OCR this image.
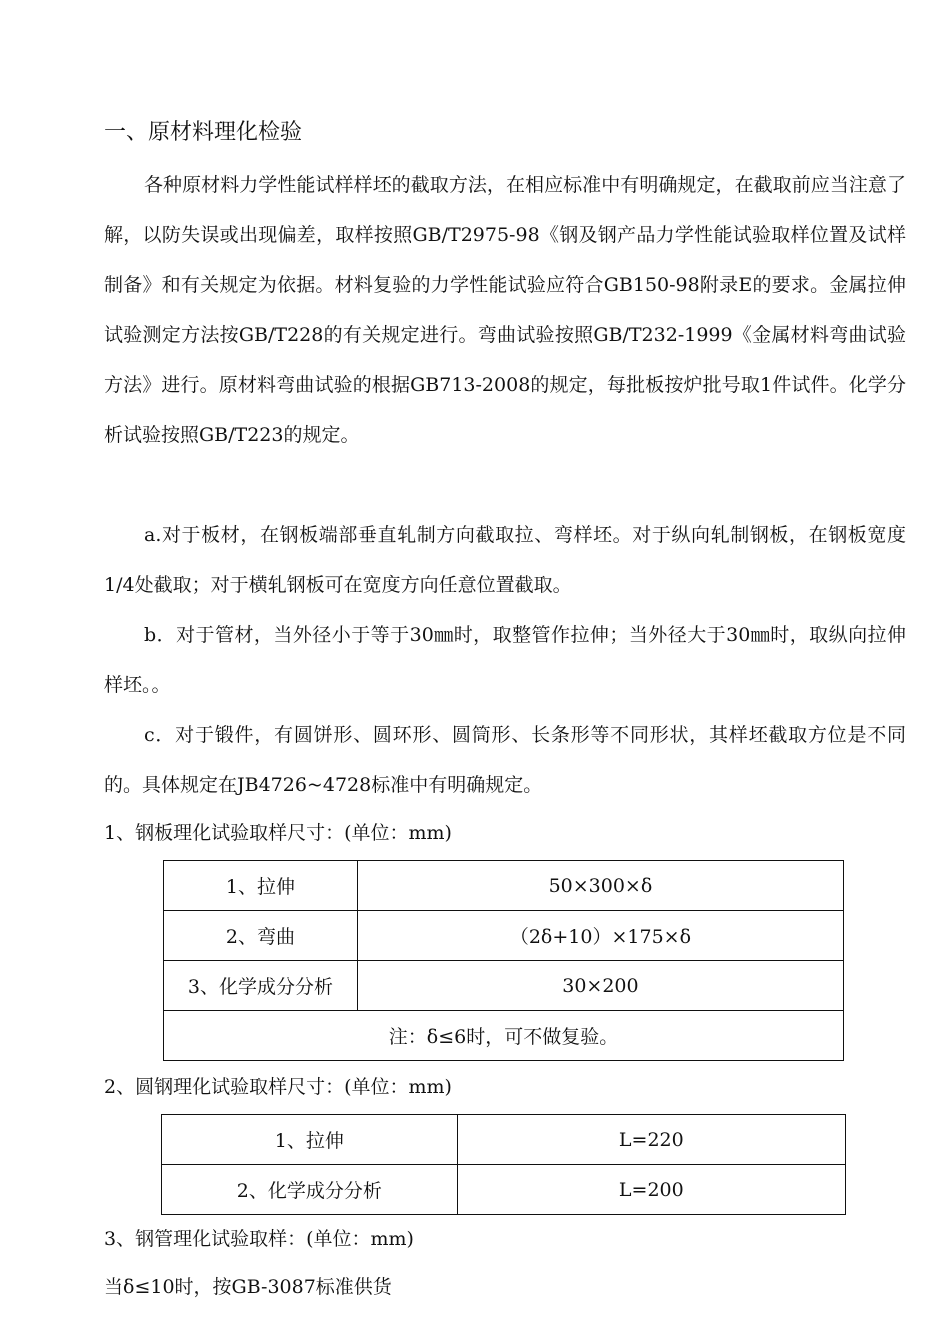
一、原材料理化检验

各种原材料力学性能试样样坯的截取方法，在相应标准中有明确规定，在截取前应当注意了解，以防失误或出现偏差，取样按照GB/T2975-98《钢及钢产品力学性能试验取样位置及试样制备》和有关规定为依据。材料复验的力学性能试验应符合GB150-98附录E的要求。金属拉伸试验测定方法按GB/T228的有关规定进行。弯曲试验按照GB/T232-1999《金属材料弯曲试验方法》进行。原材料弯曲试验的根据GB713-2008的规定，每批板按炉批号取1件试件。化学分析试验按照GB/T223的规定。

a.对于板材，在钢板端部垂直轧制方向截取拉、弯样坯。对于纵向轧制钢板，在钢板宽度1/4处截取；对于横轧钢板可在宽度方向任意位置截取。

b．对于管材，当外径小于等于30㎜时，取整管作拉伸；当外径大于30㎜时，取纵向拉伸样坯。。

c．对于锻件，有圆饼形、圆环形、圆筒形、长条形等不同形状，其样坯截取方位是不同的。具体规定在JB4726~4728标准中有明确规定。

1、钢板理化试验取样尺寸：(单位：mm)
1、拉伸	50×300×δ
2、弯曲	（2δ+10）×175×δ
3、化学成分分析	30×200
注：δ≤6时，可不做复验。	
2、圆钢理化试验取样尺寸：(单位：mm)
1、拉伸	L=220
2、化学成分分析	L=200
3、钢管理化试验取样：(单位：mm)
当δ≤10时，按GB-3087标准供货
